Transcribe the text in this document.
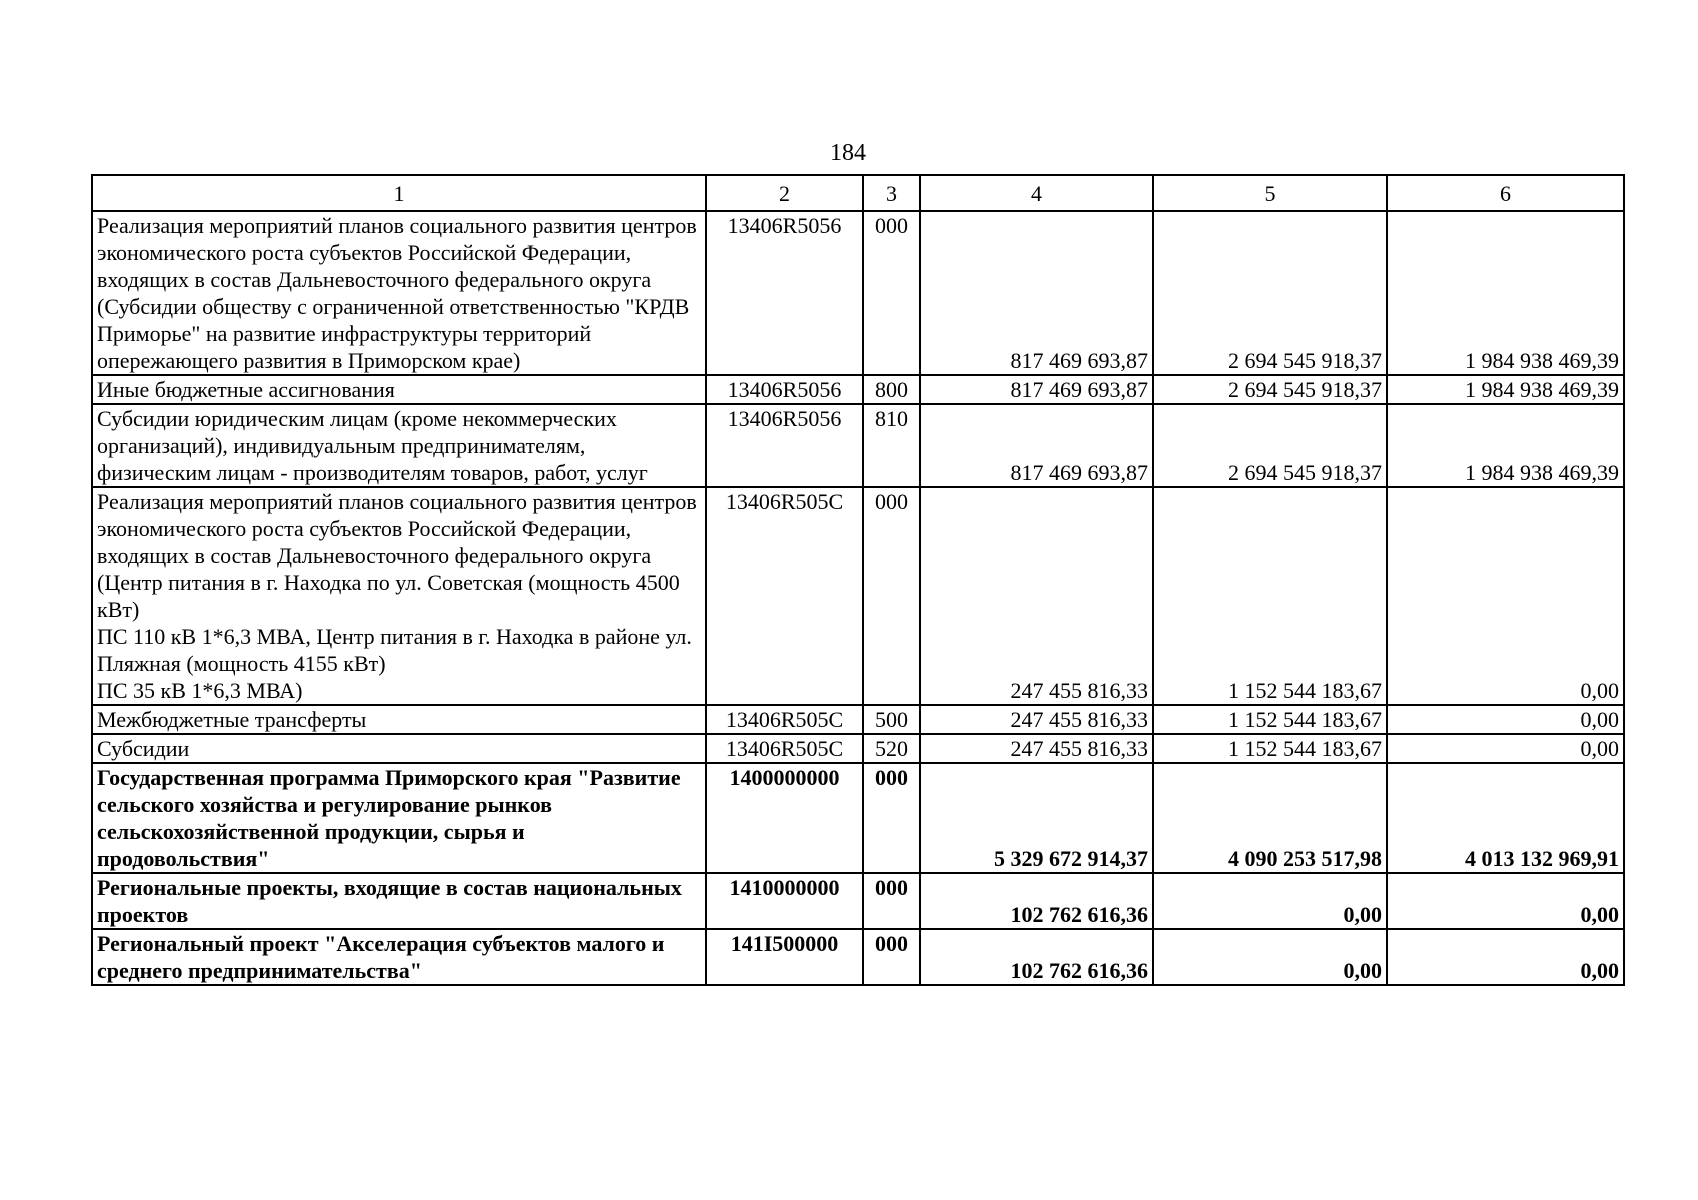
184
1	2	3	4	5	6
Реализация мероприятий планов социального развития центров экономического роста субъектов Российской Федерации, входящих в состав Дальневосточного федерального округа (Субсидии обществу с ограниченной ответственностью "КРДВ Приморье" на развитие инфраструктуры территорий опережающего развития в Приморском крае)	13406R5056	000	817 469 693,87	2 694 545 918,37	1 984 938 469,39
Иные бюджетные ассигнования	13406R5056	800	817 469 693,87	2 694 545 918,37	1 984 938 469,39
Субсидии юридическим лицам (кроме некоммерческих организаций), индивидуальным предпринимателям, физическим лицам - производителям товаров, работ, услуг	13406R5056	810	817 469 693,87	2 694 545 918,37	1 984 938 469,39
Реализация мероприятий планов социального развития центров экономического роста субъектов Российской Федерации, входящих в состав Дальневосточного федерального округа (Центр питания в г. Находка по ул. Советская (мощность 4500 кВт)
ПС 110 кВ 1*6,3 МВА, Центр питания в г. Находка в районе ул. Пляжная (мощность 4155 кВт)
ПС 35 кВ 1*6,3 МВА)	13406R505C	000	247 455 816,33	1 152 544 183,67	0,00
Межбюджетные трансферты	13406R505C	500	247 455 816,33	1 152 544 183,67	0,00
Субсидии	13406R505C	520	247 455 816,33	1 152 544 183,67	0,00
Государственная программа Приморского края "Развитие сельского хозяйства и регулирование рынков сельскохозяйственной продукции, сырья и продовольствия"	1400000000	000	5 329 672 914,37	4 090 253 517,98	4 013 132 969,91
Региональные проекты, входящие в состав национальных проектов	1410000000	000	102 762 616,36	0,00	0,00
Региональный проект "Акселерация субъектов малого и среднего предпринимательства"	141I500000	000	102 762 616,36	0,00	0,00
